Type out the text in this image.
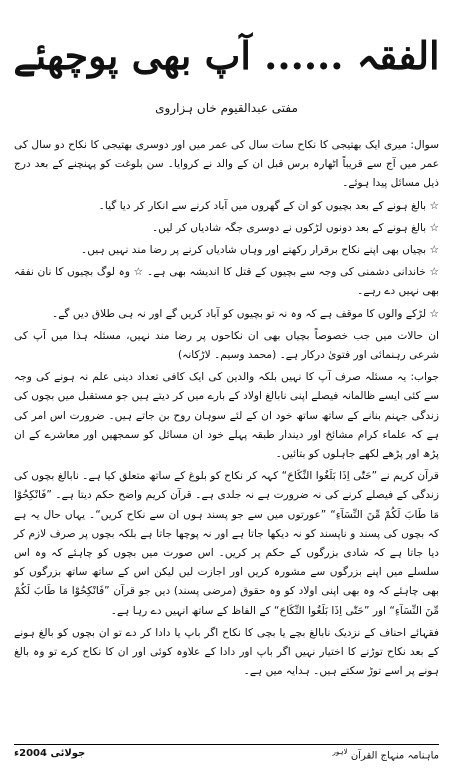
الفقہ ...... آپ بھی پوچھئے
مفتی عبدالقیوم خاں ہزاروی

سوال: میری ایک بھتیجی کا نکاح سات سال کی عمر میں اور دوسری بھتیجی کا نکاح دو سال کی عمر میں آج سے قریباً اٹھارہ برس قبل ان کے والد نے کروایا۔ سن بلوغت کو پہنچنے کے بعد درج ذیل مسائل پیدا ہوئے۔

☆ بالغ ہونے کے بعد بچیوں کو ان کے گھروں میں آباد کرنے سے انکار کر دیا گیا۔

☆ بالغ ہونے کے بعد دونوں لڑکوں نے دوسری جگہ شادیاں کر لیں۔

☆ بچیاں بھی اپنے نکاح برقرار رکھنے اور وہاں شادیاں کرنے پر رضا مند نہیں ہیں۔

☆ خاندانی دشمنی کی وجہ سے بچیوں کے قتل کا اندیشہ بھی ہے۔ ☆ وہ لوگ بچیوں کا نان نفقہ بھی نہیں دے رہے۔

☆ لڑکے والوں کا موقف ہے کہ وہ نہ تو بچیوں کو آباد کریں گے اور نہ ہی طلاق دیں گے۔

ان حالات میں جب خصوصاً بچیاں بھی ان نکاحوں پر رضا مند نہیں، مسئلہ ہذا میں آپ کی شرعی رہنمائی اور فتویٰ درکار ہے۔ (محمد وسیم۔ لاڑکانہ)

جواب: یہ مسئلہ صرف آپ کا نہیں بلکہ والدین کی ایک کافی تعداد دینی علم نہ ہونے کی وجہ سے کئی ایسے ظالمانہ فیصلے اپنی نابالغ اولاد کے بارے میں کر دیتے ہیں جو مستقبل میں بچوں کی زندگی جہنم بنانے کے ساتھ ساتھ خود ان کے لئے سوہان روح بن جاتے ہیں۔ ضرورت اس امر کی ہے کہ علماء کرام مشائخ اور دیندار طبقہ پہلے خود ان مسائل کو سمجھیں اور معاشرے کے ان پڑھ اور پڑھے لکھے جاہلوں کو بتائیں۔

قرآن کریم نے ”حَتّٰی اِذَا بَلَغُوا النِّکَاحَ“ کہہ کر نکاح کو بلوغ کے ساتھ متعلق کیا ہے۔ نابالغ بچوں کی زندگی کے فیصلے کرنے کی نہ ضرورت ہے نہ جلدی ہے۔ قرآن کریم واضح حکم دیتا ہے۔ ”فَانْکِحُوْا مَا طَابَ لَکُمْ مِّنَ النِّسَآءِ“ ”عورتوں میں سے جو پسند ہوں ان سے نکاح کریں“۔ یہاں حال یہ ہے کہ بچوں کی پسند و ناپسند کو نہ دیکھا جاتا ہے اور نہ پوچھا جاتا ہے بلکہ بچوں پر صرف لازم کر دیا جاتا ہے کہ شادی بزرگوں کے حکم پر کریں۔ اس صورت میں بچوں کو چاہئے کہ وہ اس سلسلے میں اپنے بزرگوں سے مشورہ کریں اور اجازت لیں لیکن اس کے ساتھ ساتھ بزرگوں کو بھی چاہئے کہ وہ بھی اپنی اولاد کو وہ حقوق (مرضی پسند) دیں جو قرآن ”فَانْکِحُوْا مَا طَابَ لَکُمْ مِّنَ النِّسَآءِ“ اور ”حَتّٰی اِذَا بَلَغُوا النِّکَاحَ“ کے الفاظ کے ساتھ انہیں دے رہا ہے۔

فقہائے احناف کے نزدیک نابالغ بچے یا بچی کا نکاح اگر باپ یا دادا کر دے تو ان بچوں کو بالغ ہونے کے بعد نکاح توڑنے کا اختیار نہیں اگر باپ اور دادا کے علاوہ کوئی اور ان کا نکاح کرے تو وہ بالغ ہونے پر اسے توڑ سکتے ہیں۔ ہدایہ میں ہے۔

ماہنامہ منہاج القرآن $^{لاہور}$
جولائی 2004ء
